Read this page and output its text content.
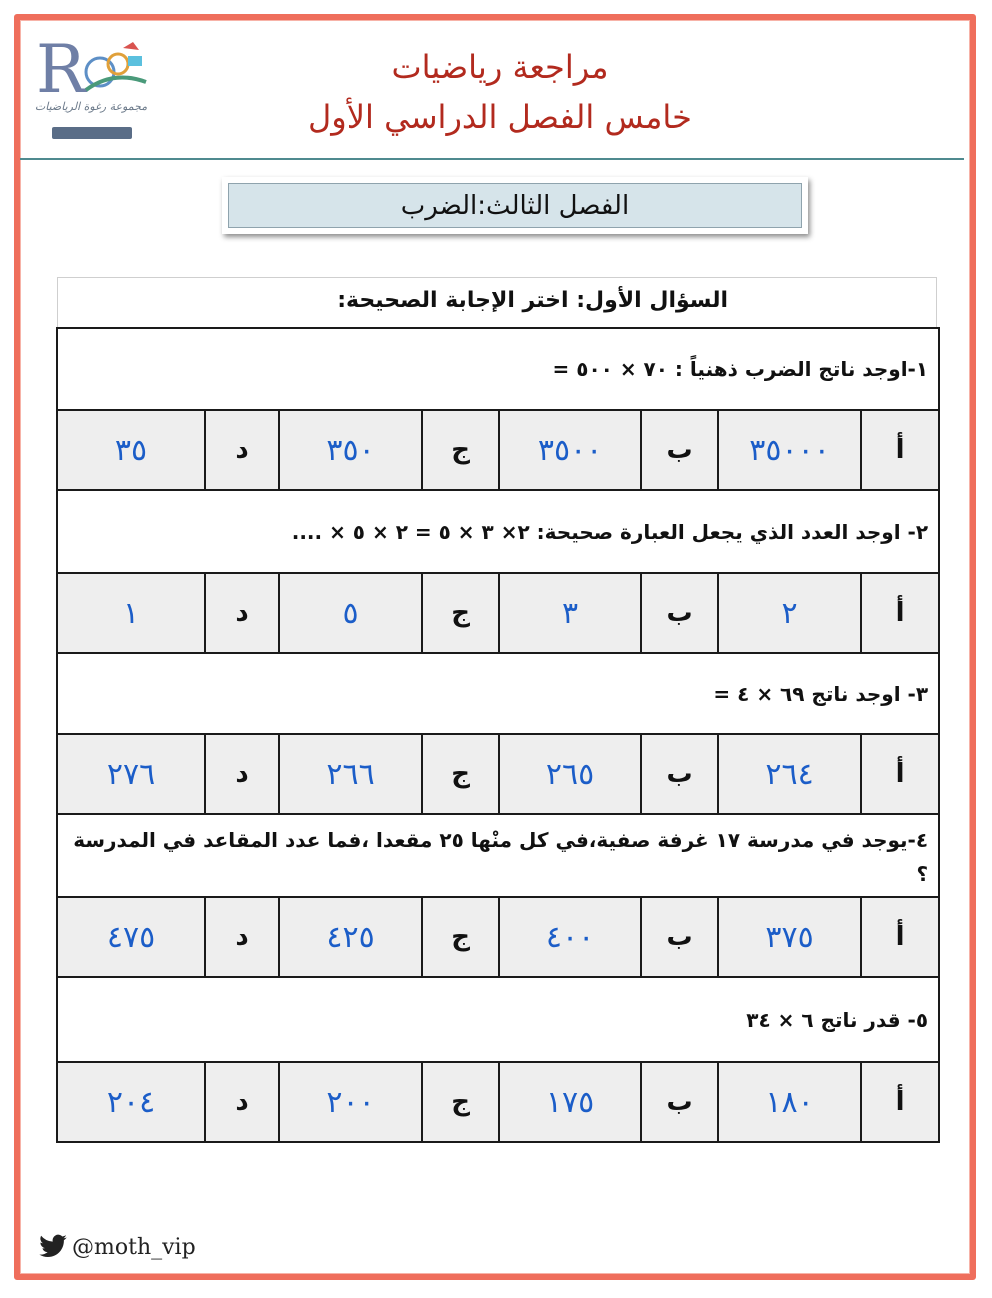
R
مجموعة رغوة الرياضيات
مراجعة رياضيات
خامس الفصل الدراسي الأول
الفصل الثالث:الضرب
السؤال الأول: اختر الإجابة الصحيحة:
١-اوجد ناتج الضرب ذهنياً : ٧٠ × ٥٠٠ =							
أ	٣٥٠٠٠	ب	٣٥٠٠	ج	٣٥٠	د	٣٥
٢- اوجد العدد الذي يجعل العبارة صحيحة: ٢× ٣ × ٥ = ٢ × ٥ × ....							
أ	٢	ب	٣	ج	٥	د	١
٣- اوجد ناتج ٦٩ × ٤ =							
أ	٢٦٤	ب	٢٦٥	ج	٢٦٦	د	٢٧٦
٤-يوجد في مدرسة ١٧ غرفة صفية،في كل منْها ٢٥ مقعدا ،فما عدد المقاعد في المدرسة ؟							
أ	٣٧٥	ب	٤٠٠	ج	٤٢٥	د	٤٧٥
٥- قدر ناتج ٦ × ٣٤							
أ	١٨٠	ب	١٧٥	ج	٢٠٠	د	٢٠٤
@moth_vip
